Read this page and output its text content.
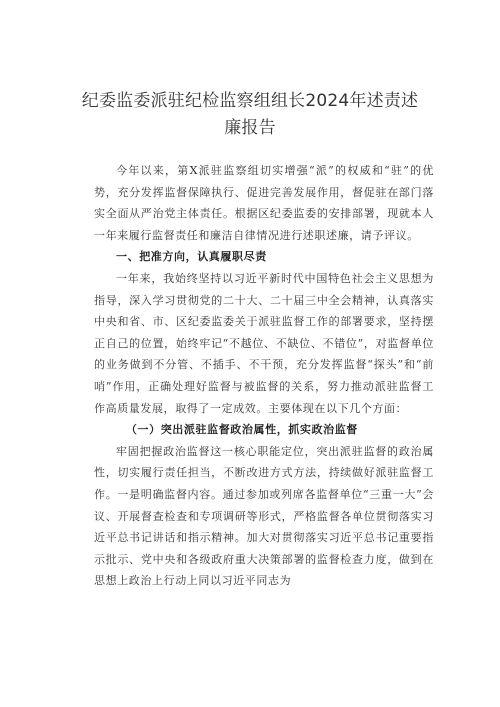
纪委监委派驻纪检监察组组长2024年述责述
廉报告

今年以来，第X派驻监察组切实增强“派”的权威和“驻”的优势，充分发挥监督保障执行、促进完善发展作用，督促驻在部门落实全面从严治党主体责任。根据区纪委监委的安排部署，现就本人一年来履行监督责任和廉洁自律情况进行述职述廉，请予评议。

一、把准方向，认真履职尽责

一年来，我始终坚持以习近平新时代中国特色社会主义思想为指导，深入学习贯彻党的二十大、二十届三中全会精神，认真落实中央和省、市、区纪委监委关于派驻监督工作的部署要求，坚持摆正自己的位置，始终牢记“不越位、不缺位、不错位”，对监督单位的业务做到不分管、不插手、不干预，充分发挥监督“探头”和“前哨”作用，正确处理好监督与被监督的关系，努力推动派驻监督工作高质量发展，取得了一定成效。主要体现在以下几个方面：

（一）突出派驻监督政治属性，抓实政治监督

牢固把握政治监督这一核心职能定位，突出派驻监督的政治属性，切实履行责任担当，不断改进方式方法，持续做好派驻监督工作。一是明确监督内容。通过参加或列席各监督单位“三重一大”会议、开展督查检查和专项调研等形式，严格监督各单位贯彻落实习近平总书记讲话和指示精神。加大对贯彻落实习近平总书记重要指示批示、党中央和各级政府重大决策部署的监督检查力度，做到在思想上政治上行动上同以习近平同志为
